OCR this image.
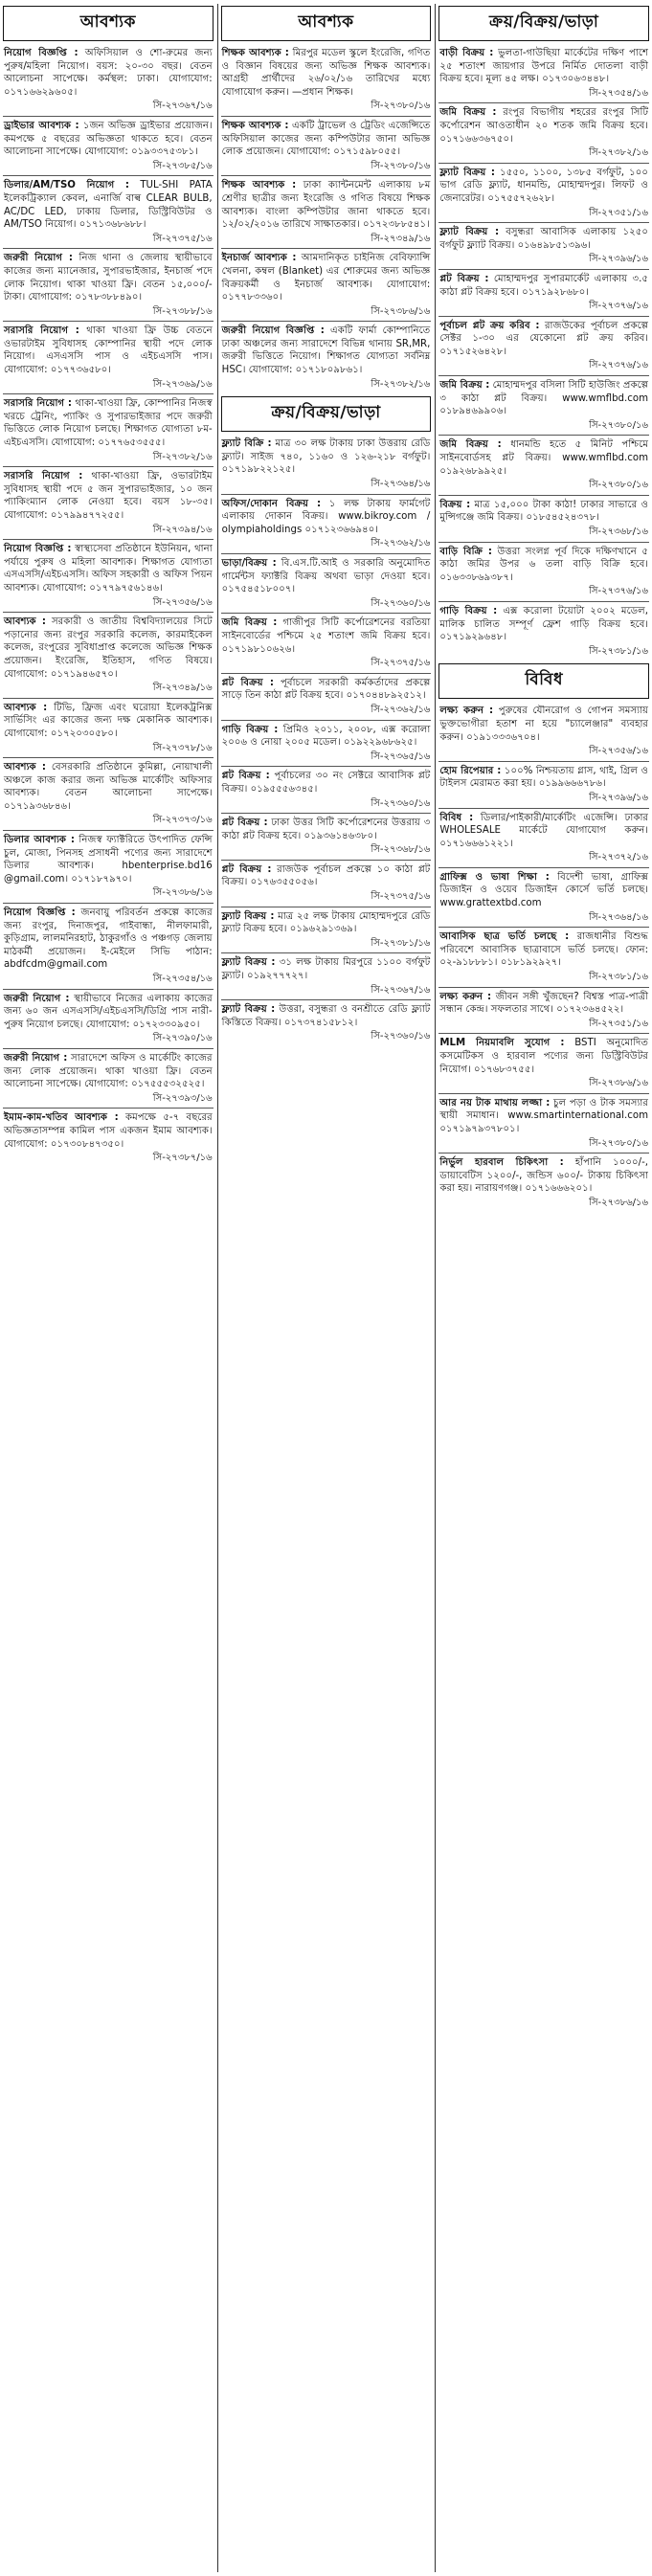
আবশ্যক
নিয়োগ বিজ্ঞপ্তি : অফিসিয়াল ও শো-রুমের জন্য পুরুষ/মহিলা নিয়োগ। বয়স: ২০-৩০ বছর। বেতন আলোচনা সাপেক্ষে। কর্মস্থল: ঢাকা। যোগাযোগ: ০১৭১৬৬২৯৬০৫।
সি-২৭৩৬৭/১৬
ড্রাইভার আবশ্যক : ১জন অভিজ্ঞ ড্রাইভার প্রয়োজন। কমপক্ষে ৫ বছরের অভিজ্ঞতা থাকতে হবে। বেতন আলোচনা সাপেক্ষে। যোগাযোগ: ০১৯৩৩৭৫৩৮১।
সি-২৭৩৮৫/১৬
ডিলার/AM/TSO নিয়োগ : TUL-SHI PATA ইলেকট্রিক্যাল কেবল, এনার্জি বাল্ব CLEAR BULB, AC/DC LED, ঢাকায় ডিলার, ডিস্ট্রিবিউটর ও AM/TSO নিয়োগ। ০১৭১৩৬৮৬৮৮।
সি-২৭৩৭৫/১৬
জরুরী নিয়োগ : নিজ থানা ও জেলায় স্থায়ীভাবে কাজের জন্য ম্যানেজার, সুপারভাইজার, ইনচার্জ পদে লোক নিয়োগ। থাকা খাওয়া ফ্রি। বেতন ১৫,০০০/- টাকা। যোগাযোগ: ০১৭৮৩৮৮৪৯০।
সি-২৭৩৮৮/১৬
সরাসরি নিয়োগ : থাকা খাওয়া ফ্রি উচ্চ বেতনে ওভারটাইম সুবিধাসহ কোম্পানির স্থায়ী পদে লোক নিয়োগ। এসএসসি পাস ও এইচএসসি পাস। যোগাযোগ: ০১৭৭৩৬৫৮০।
সি-২৭৩৬৯/১৬
সরাসরি নিয়োগ : থাকা-খাওয়া ফ্রি, কোম্পানির নিজস্ব খরচে ট্রেনিং, প্যাকিং ও সুপারভাইজার পদে জরুরী ভিত্তিতে লোক নিয়োগ চলছে। শিক্ষাগত যোগ্যতা ৮ম-এইচএসসি। যোগাযোগ: ০১৭৭৬৫৩৫৫৫।
সি-২৭৩৮২/১৬
সরাসরি নিয়োগ : থাকা-খাওয়া ফ্রি, ওভারটাইম সুবিধাসহ স্থায়ী পদে ৫ জন সুপারভাইজার, ১০ জন প্যাকিংম্যান লোক নেওয়া হবে। বয়স ১৮-৩৫। যোগাযোগ: ০১৭৯৯৪৭৭২৫৫।
সি-২৭৩৯৪/১৬
নিয়োগ বিজ্ঞপ্তি : স্বাস্থ্যসেবা প্রতিষ্ঠানে ইউনিয়ন, থানা পর্যায়ে পুরুষ ও মহিলা আবশ্যক। শিক্ষাগত যোগ্যতা এসএসসি/এইচএসসি। অফিস সহকারী ও অফিস পিয়ন আবশ্যক। যোগাযোগ: ০১৭৭৯৭৫৬১৪৬।
সি-২৭৩৫৬/১৬
আবশ্যক : সরকারী ও জাতীয় বিশ্ববিদ্যালয়ের সিটে পড়ানোর জন্য রংপুর সরকারি কলেজ, কারমাইকেল কলেজ, রংপুরের সুবিধাপ্রাপ্ত কলেজে অভিজ্ঞ শিক্ষক প্রয়োজন। ইংরেজি, ইতিহাস, গণিত বিষয়ে। যোগাযোগ: ০১৭১৯৪৬৫৭০।
সি-২৭৩৪৯/১৬
আবশ্যক : টিভি, ফ্রিজ এবং ঘরোয়া ইলেকট্রনিক্স সার্ভিসিং এর কাজের জন্য দক্ষ মেকানিক আবশ্যক। যোগাযোগ: ০১৭২০৩০৫৮০।
সি-২৭৩৭৮/১৬
আবশ্যক : বেসরকারি প্রতিষ্ঠানে কুমিল্লা, নোয়াখালী অঞ্চলে কাজ করার জন্য অভিজ্ঞ মার্কেটিং অফিসার আবশ্যক। বেতন আলোচনা সাপেক্ষে। ০১৭১৯৩৬৮৪৬।
সি-২৭৩৭৩/১৬
ডিলার আবশ্যক : নিজস্ব ফ্যাক্টরিতে উৎপাদিত ফেন্সি চুল, মোজা, পিনসহ প্রসাধনী পণ্যের জন্য সারাদেশে ডিলার আবশ্যক। hbenterprise.bd16 @gmail.com। ০১৭১৮৭৯৭০।
সি-২৭৩৮৬/১৬
নিয়োগ বিজ্ঞপ্তি : জনবায়ু পরিবর্তন প্রকল্পে কাজের জন্য রংপুর, দিনাজপুর, গাইবান্ধা, নীলফামারী, কুড়িগ্রাম, লালমনিরহাট, ঠাকুরগাঁও ও পঞ্চগড় জেলায় মাঠকর্মী প্রয়োজন। ই-মেইলে সিভি পাঠান: abdfcdm@gmail.com
সি-২৭৩৫৪/১৬
জরুরী নিয়োগ : স্থায়ীভাবে নিজের এলাকায় কাজের জন্য ৬০ জন এসএসসি/এইচএসসি/ডিগ্রি পাস নারী-পুরুষ নিয়োগ চলছে। যোগাযোগ: ০১৭২৩৩০৯৫০।
সি-২৭৩৯০/১৬
জরুরী নিয়োগ : সারাদেশে অফিস ও মার্কেটিং কাজের জন্য লোক প্রয়োজন। থাকা খাওয়া ফ্রি। বেতন আলোচনা সাপেক্ষে। যোগাযোগ: ০১৭৫৫৫৩২৫২৫।
সি-২৭৩৯৩/১৬
ইমাম-কাম-খতিব আবশ্যক : কমপক্ষে ৫-৭ বছরের অভিজ্ঞতাসম্পন্ন কামিল পাস একজন ইমাম আবশ্যক। যোগাযোগ: ০১৭৩০৮৪৭৩৫০।
সি-২৭৩৮৭/১৬
আবশ্যক
শিক্ষক আবশ্যক : মিরপুর মডেল স্কুলে ইংরেজি, গণিত ও বিজ্ঞান বিষয়ের জন্য অভিজ্ঞ শিক্ষক আবশ্যক। আগ্রহী প্রার্থীদের ২৬/০২/১৬ তারিখের মধ্যে যোগাযোগ করুন। —প্রধান শিক্ষক।
সি-২৭৩৮০/১৬
শিক্ষক আবশ্যক : একটি ট্রাভেল ও ট্রেডিং এজেন্সিতে অফিসিয়াল কাজের জন্য কম্পিউটার জানা অভিজ্ঞ লোক প্রয়োজন। যোগাযোগ: ০১৭১৫৯৮০৫৫।
সি-২৭৩৮০/১৬
শিক্ষক আবশ্যক : ঢাকা ক্যান্টনমেন্ট এলাকায় ৮ম শ্রেণীর ছাত্রীর জন্য ইংরেজি ও গণিত বিষয়ে শিক্ষক আবশ্যক। বাংলা কম্পিউটার জানা থাকতে হবে। ১২/০২/২০১৬ তারিখে সাক্ষাতকার। ০১৭২৩৮৮৫৪১।
সি-২৭৩৪৯/১৬
ইনচার্জ আবশ্যক : আমদানিকৃত চাইনিজ বেবিফ্যান্সি খেলনা, কম্বল (Blanket) এর শোরুমের জন্য অভিজ্ঞ বিক্রয়কর্মী ও ইনচার্জ আবশ্যক। যোগাযোগ: ০১৭৭৮৩৩৬০।
সি-২৭৩৮৬/১৬
জরুরী নিয়োগ বিজ্ঞপ্তি : একটি ফার্মা কোম্পানিতে ঢাকা অঞ্চলের জন্য সারাদেশে বিভিন্ন থানায় SR,MR, জরুরী ভিত্তিতে নিয়োগ। শিক্ষাগত যোগ্যতা সর্বনিম্ন HSC। যোগাযোগ: ০১৭১৮০৯৮৬১।
সি-২৭৩৮২/১৬
ক্রয়/বিক্রয়/ভাড়া
ফ্ল্যাট বিক্রি : মাত্র ৩০ লক্ষ টাকায় ঢাকা উত্তরায় রেডি ফ্ল্যাট। সাইজ ৭৪০, ১১৬০ ও ১২৬-২১৮ বর্গফুট। ০১৭১৯৮২২১২৫।
সি-২৭৩৬৪/১৬
অফিস/দোকান বিক্রয় : ১ লক্ষ টাকায় ফার্মগেট এলাকায় দোকান বিক্রয়। www.bikroy.com / olympiaholdings ০১৭১২৩৬৬৯৪০।
সি-২৭৩৬২/১৬
ভাড়া/বিক্রয় : বি.এস.টি.আই ও সরকারি অনুমোদিত গার্মেন্টস ফ্যাক্টরি বিক্রয় অথবা ভাড়া দেওয়া হবে। ০১৭৫৪৫১৮০০৭।
সি-২৭৩৬০/১৬
জমি বিক্রয় : গাজীপুর সিটি কর্পোরেশনের বরতিয়া সাইনবোর্ডের পশ্চিমে ২৫ শতাংশ জমি বিক্রয় হবে। ০১৭১৯৮১০৬২৬।
সি-২৭৩৭৫/১৬
প্লট বিক্রয় : পূর্বাচলে সরকারী কর্মকর্তাদের প্রকল্পে সাড়ে তিন কাঠা প্লট বিক্রয় হবে। ০১৭০৪৪৮৯২৫১২।
সি-২৭৩৬২/১৬
গাড়ি বিক্রয় : প্রিমিও ২০১১, ২০০৮, এক্স করোলা ২০০৬ ও নোয়া ২০০৫ মডেল। ০১৯২২৯৬৮৬২৫।
সি-২৭৩৬৫/১৬
প্লট বিক্রয় : পূর্বাচলের ৩০ নং সেক্টরে আবাসিক প্লট বিক্রয়। ০১৯৫৫৫৬৩৪৫।
সি-২৭৩৬০/১৬
প্লট বিক্রয় : ঢাকা উত্তর সিটি কর্পোরেশনের উত্তরায় ৩ কাঠা প্লট বিক্রয় হবে। ০১৯৩৬১৪৬৩৮০।
সি-২৭৩৬৮/১৬
প্লট বিক্রয় : রাজউক পূর্বাচল প্রকল্পে ১০ কাঠা প্লট বিক্রয়। ০১৭৬৩৫৫০৫৬।
সি-২৭৩৭৫/১৬
ফ্ল্যাট বিক্রয় : মাত্র ২৫ লক্ষ টাকায় মোহাম্মদপুরে রেডি ফ্ল্যাট বিক্রয় হবে। ০১৯৬২৯১৩৬৯।
সি-২৭৩৮১/১৬
ফ্ল্যাট বিক্রয় : ৩১ লক্ষ টাকায় মিরপুরে ১১০০ বর্গফুট ফ্ল্যাট। ০১৯২৭৭৭২৭।
সি-২৭৩৬৭/১৬
ফ্ল্যাট বিক্রয় : উত্তরা, বসুন্ধরা ও বনশ্রীতে রেডি ফ্ল্যাট কিস্তিতে বিক্রয়। ০১৭৩৭৪১৫৮১২।
সি-২৭৩৬০/১৬
ক্রয়/বিক্রয়/ভাড়া
বাড়ী বিক্রয় : ভুলতা-গাউছিয়া মার্কেটের দক্ষিণ পাশে ২৫ শতাংশ জায়গার উপরে নির্মিত দোতলা বাড়ী বিক্রয় হবে। মূল্য ৪৫ লক্ষ। ০১৭৩০৬৩৪৪৮।
সি-২৭৩৫৪/১৬
জমি বিক্রয় : রংপুর বিভাগীয় শহরের রংপুর সিটি কর্পোরেশন আওতাধীন ২০ শতক জমি বিক্রয় হবে। ০১৭১৬৬৩৬৭৫০।
সি-২৭৩৮২/১৬
ফ্ল্যাট বিক্রয় : ১৫৫০, ১১০০, ১৩৮৫ বর্গফুট, ১০০ ভাগ রেডি ফ্ল্যাট, ধানমন্ডি, মোহাম্মদপুর। লিফট ও জেনারেটর। ০১৭৫৫৭২৬২৮।
সি-২৭৩৫১/১৬
ফ্ল্যাট বিক্রয় : বসুন্ধরা আবাসিক এলাকায় ১২৫০ বর্গফুট ফ্ল্যাট বিক্রয়। ০১৬৪৯৮৫১৩৯৬।
সি-২৭৩৯৬/১৬
প্লট বিক্রয় : মোহাম্মদপুর সুপারমার্কেট এলাকায় ৩.৫ কাঠা প্লট বিক্রয় হবে। ০১৭১৯২৮৬৮০।
সি-২৭৩৭৬/১৬
পূর্বাচল প্লট ক্রয় করিব : রাজউকের পূর্বাচল প্রকল্পে সেক্টর ১-৩০ এর যেকোনো প্লট ক্রয় করিব। ০১৭১৫২৬৪২৮।
সি-২৭৩৭৬/১৬
জমি বিক্রয় : মোহাম্মদপুর বসিলা সিটি হাউজিং প্রকল্পে ৩ কাঠা প্লট বিক্রয়। www.wmflbd.com ০১৮৯৪৬৯৯০৬।
সি-২৭৩৮০/১৬
জমি বিক্রয় : ধানমন্ডি হতে ৫ মিনিট পশ্চিমে সাইনবোর্ডসহ প্লট বিক্রয়। www.wmflbd.com ০১৯২৬৮৯৯২৫।
সি-২৭৩৮০/১৬
বিক্রয় : মাত্র ১৫,০০০ টাকা কাঠা! ঢাকার সাভারে ও মুন্সিগঞ্জে জমি বিক্রয়। ০১৮৫৪৫২৪৩৭৮।
সি-২৭৩৬৮/১৬
বাড়ি বিক্রি : উত্তরা সংলগ্ন পূর্ব দিকে দক্ষিণখানে ৫ কাঠা জমির উপর ৬ তলা বাড়ি বিক্রি হবে। ০১৬৩৩৮৬৯৩৮৭।
সি-২৭৩৭৬/১৬
গাড়ি বিক্রয় : এক্স করোলা টয়োটা ২০০২ মডেল, মালিক চালিত সম্পূর্ণ ফ্রেশ গাড়ি বিক্রয় হবে। ০১৭১৯২৯৬৪৮।
সি-২৭৩৮১/১৬
বিবিধ
লক্ষ্য করুন : পুরুষের যৌনরোগ ও গোপন সমস্যায় ভুক্তভোগীরা হতাশ না হয়ে "চ্যালেঞ্জার" ব্যবহার করুন। ০১৯১৩৩৩৬৭০৪।
সি-২৭৩৫৬/১৬
হোম রিপেয়ার : ১০০% নিশ্চয়তায় গ্লাস, থাই, গ্রিল ও টাইলস মেরামত করা হয়। ০১৯৯৬৬৬৭৮৬।
সি-২৭৩৯৬/১৬
বিবিধ : ডিলার/পাইকারী/মার্কেটিং এজেন্সি। ঢাকার WHOLESALE মার্কেটে যোগাযোগ করুন। ০১৭১৬৬৬১২২১।
সি-২৭৩৭২/১৬
গ্রাফিক্স ও ভাষা শিক্ষা : বিদেশী ভাষা, গ্রাফিক্স ডিজাইন ও ওয়েব ডিজাইন কোর্সে ভর্তি চলছে। www.grattextbd.com
সি-২৭৩৬৪/১৬
আবাসিক ছাত্র ভর্তি চলছে : রাজধানীর বিশুদ্ধ পরিবেশে আবাসিক ছাত্রাবাসে ভর্তি চলছে। ফোন: ০২-৯১৮৮৮১। ০১৮১৯২৯২৭।
সি-২৭৩৮১/১৬
লক্ষ্য করুন : জীবন সঙ্গী খুঁজছেন? বিশ্বস্ত পাত্র-পাত্রী সন্ধান কেন্দ্র। সফলতার সাথে। ০১৭২৩৬৪৫২২।
সি-২৭৩৫১/১৬
MLM নিয়মাবলি সুযোগ : BSTI অনুমোদিত কসমেটিকস ও হারবাল পণ্যের জন্য ডিস্ট্রিবিউটর নিয়োগ। ০১৭৬৮৩৭৫৫।
সি-২৭৩৮৬/১৬
আর নয় টাক মাথায় লজ্জা : চুল পড়া ও টাক সমস্যার স্থায়ী সমাধান। www.smartinternational.com ০১৭১৯৭৯৩৭৮০১।
সি-২৭৩৮০/১৬
নির্ভুল হারবাল চিকিৎসা : হাঁপানি ১০০০/-, ডায়াবেটিস ১২০০/-, জন্ডিস ৬০০/- টাকায় চিকিৎসা করা হয়। নারায়ণগঞ্জ। ০১৭১৬৬৬২০১।
সি-২৭৩৮৬/১৬
